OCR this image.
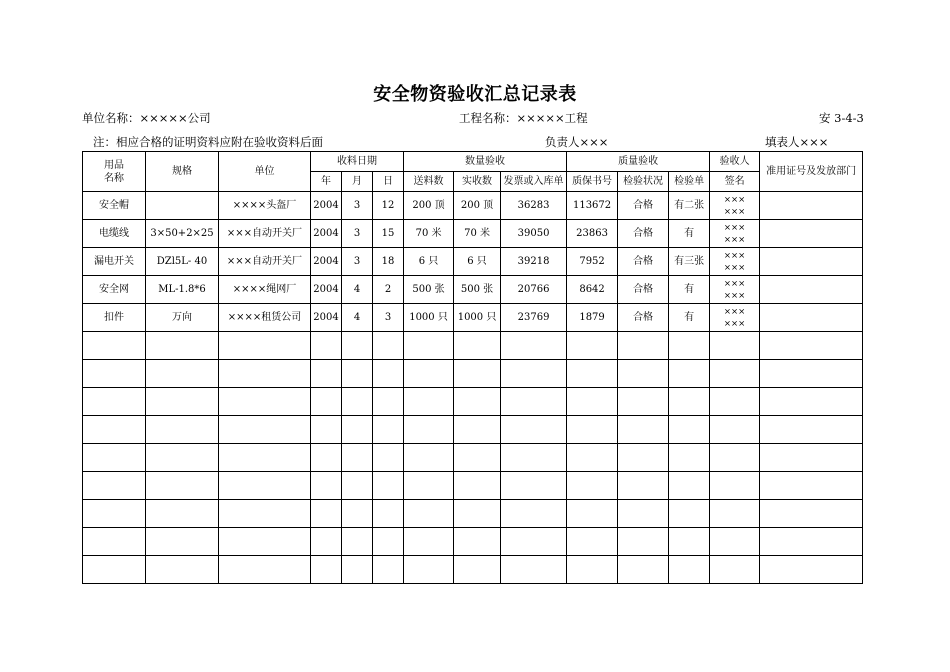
安全物资验收汇总记录表
单位名称：×××××公司	工程名称：×××××工程	安 3-4-3
注：相应合格的证明资料应附在验收资料后面	负责人×××	填表人×××
用品
名称	规格	单位	收料日期			数量验收			质量验收			验收人	准用证号及发放部门
			年	月	日	送料数	实收数	发票或入库单	质保书号	检验状况	检验单	签名	
安全帽		××××头盔厂	2004	3	12	200 顶	200 顶	36283	113672	合格	有二张	×××
×××	

电缆线	3×50+2×25	×××自动开关厂	2004	3	15	70 米	70 米	39050	23863	合格	有	×××
×××	

漏电开关	DZl5L- 40	×××自动开关厂	2004	3	18	6 只	6 只	39218	7952	合格	有三张	×××
×××	

安全网	ML-1.8*6	××××绳网厂	2004	4	2	500 张	500 张	20766	8642	合格	有	×××
×××	

扣件	万向	××××租赁公司	2004	4	3	1000 只	1000 只	23769	1879	合格	有	×××
×××	
